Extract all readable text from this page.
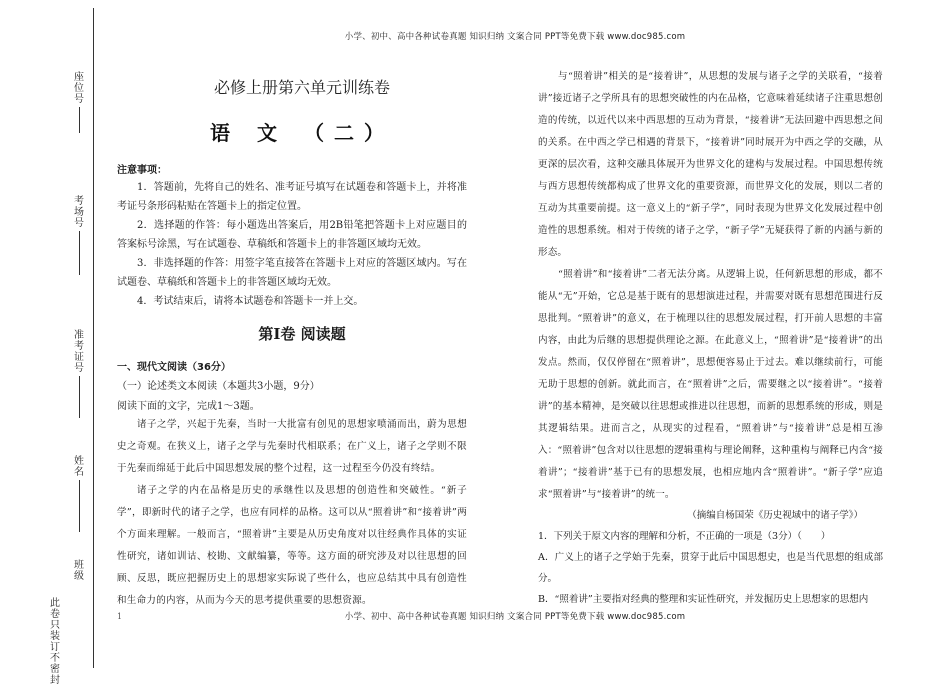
小学、初中、高中各种试卷真题 知识归纳 文案合同 PPT等免费下载 www.doc985.com
小学、初中、高中各种试卷真题 知识归纳 文案合同 PPT等免费下载 www.doc985.com
座位号
考场号
准考证号
姓名
班级
此卷只装订不密封
1
必修上册第六单元训练卷
语 文 （二）
注意事项：

1．答题前，先将自己的姓名、准考证号填写在试题卷和答题卡上，并将准考证号条形码粘贴在答题卡上的指定位置。

2．选择题的作答：每小题选出答案后，用2B铅笔把答题卡上对应题目的答案标号涂黑，写在试题卷、草稿纸和答题卡上的非答题区域均无效。

3．非选择题的作答：用签字笔直接答在答题卡上对应的答题区域内。写在试题卷、草稿纸和答题卡上的非答题区域均无效。

4．考试结束后，请将本试题卷和答题卡一并上交。

第Ⅰ卷 阅读题
一、现代文阅读（36分）
（一）论述类文本阅读（本题共3小题，9分）
阅读下面的文字，完成1～3题。

诸子之学，兴起于先秦，当时一大批富有创见的思想家喷涌而出，蔚为思想史之奇观。在狭义上，诸子之学与先秦时代相联系；在广义上，诸子之学则不限于先秦而绵延于此后中国思想发展的整个过程，这一过程至今仍没有终结。

诸子之学的内在品格是历史的承继性以及思想的创造性和突破性。“新子学”，即新时代的诸子之学，也应有同样的品格。这可以从“照着讲”和“接着讲”两个方面来理解。一般而言，“照着讲”主要是从历史角度对以往经典作具体的实证性研究，诸如训诂、校勘、文献编纂，等等。这方面的研究涉及对以往思想的回顾、反思，既应把握历史上的思想家实际说了些什么，也应总结其中具有创造性和生命力的内容，从而为今天的思考提供重要的思想资源。

与“照着讲”相关的是“接着讲”，从思想的发展与诸子之学的关联看，“接着讲”接近诸子之学所具有的思想突破性的内在品格，它意味着延续诸子注重思想创造的传统，以近代以来中西思想的互动为背景，“接着讲”无法回避中西思想之间的关系。在中西之学已相遇的背景下，“接着讲”同时展开为中西之学的交融，从更深的层次看，这种交融具体展开为世界文化的建构与发展过程。中国思想传统与西方思想传统都构成了世界文化的重要资源，而世界文化的发展，则以二者的互动为其重要前提。这一意义上的“新子学”，同时表现为世界文化发展过程中创造性的思想系统。相对于传统的诸子之学，“新子学”无疑获得了新的内涵与新的形态。

“照着讲”和“接着讲”二者无法分离。从逻辑上说，任何新思想的形成，都不能从“无”开始，它总是基于既有的思想演进过程，并需要对既有思想范围进行反思批判。“照着讲”的意义，在于梳理以往的思想发展过程，打开前人思想的丰富内容，由此为后继的思想提供理论之源。在此意义上，“照着讲”是“接着讲”的出发点。然而，仅仅停留在“照着讲”，思想便容易止于过去。难以继续前行，可能无助于思想的创新。就此而言，在“照着讲”之后，需要继之以“接着讲”。“接着讲”的基本精神，是突破以往思想或推进以往思想，而新的思想系统的形成，则是其逻辑结果。进而言之，从现实的过程看，“照着讲”与“接着讲”总是相互渗入：“照着讲”包含对以往思想的逻辑重构与理论阐释，这种重构与阐释已内含“接着讲”；“接着讲”基于已有的思想发展，也相应地内含“照着讲”。“新子学”应追求“照着讲”与“接着讲”的统一。

（摘编自杨国荣《历史视域中的诸子学》）

1．下列关于原文内容的理解和分析，不正确的一项是（3分）（　　）

A．广义上的诸子之学始于先秦，贯穿于此后中国思想史，也是当代思想的组成部分。

B．“照着讲”主要指对经典的整理和实证性研究，并发掘历史上思想家的思想内
